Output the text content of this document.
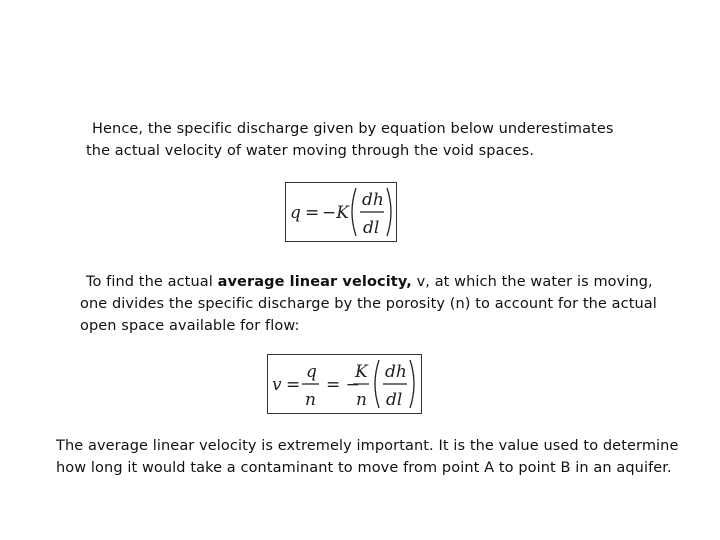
Hence, the specific discharge given by equation below underestimates

the actual velocity of water moving through the void spaces.

q = −K
dh
dl

To find the actual average linear velocity, v, at which the water is moving,

one divides the specific discharge by the porosity (n) to account for the actual

open space available for flow:

v =
q
n
= −
K
n
dh
dl

The average linear velocity is extremely important. It is the value used to determine

how long it would take a contaminant to move from point A to point B in an aquifer.
